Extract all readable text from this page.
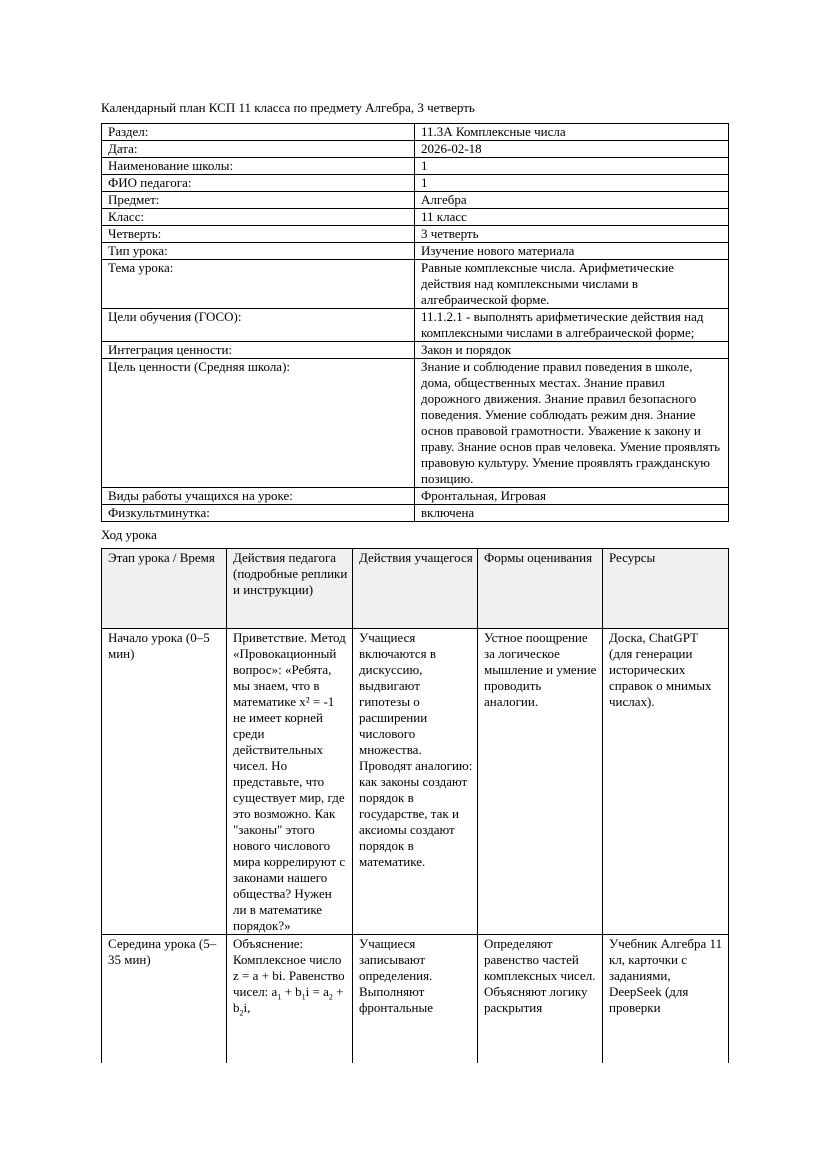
Календарный план КСП 11 класса по предмету Алгебра, 3 четверть
Раздел:	11.3А Комплексные числа
Дата:	2026-02-18
Наименование школы:	1
ФИО педагога:	1
Предмет:	Алгебра
Класс:	11 класс
Четверть:	3 четверть
Тип урока:	Изучение нового материала
Тема урока:	Равные комплексные числа. Арифметические действия над комплексными числами в алгебраической форме.
Цели обучения (ГОСО):	11.1.2.1 - выполнять арифметические действия над комплексными числами в алгебраической форме;
Интеграция ценности:	Закон и порядок
Цель ценности (Средняя школа):	Знание и соблюдение правил поведения в школе, дома, общественных местах. Знание правил дорожного движения. Знание правил безопасного поведения. Умение соблюдать режим дня. Знание основ правовой грамотности. Уважение к закону и праву. Знание основ прав человека. Умение проявлять правовую культуру. Умение проявлять гражданскую позицию.
Виды работы учащихся на уроке:	Фронтальная, Игровая
Физкультминутка:	включена
Ход урока
Этап урока / Время	Действия педагога (подробные реплики и инструкции)	Действия учащегося	Формы оценивания	Ресурсы
Начало урока (0–5 мин)	Приветствие. Метод «Провокационный вопрос»: «Ребята, мы знаем, что в математике x² = -1 не имеет корней среди действительных чисел. Но представьте, что существует мир, где это возможно. Как "законы" этого нового числового мира коррелируют с законами нашего общества? Нужен ли в математике порядок?»	Учащиеся включаются в дискуссию, выдвигают гипотезы о расширении числового множества. Проводят аналогию: как законы создают порядок в государстве, так и аксиомы создают порядок в математике.	Устное поощрение за логическое мышление и умение проводить аналогии.	Доска, ChatGPT (для генерации исторических справок о мнимых числах).
Середина урока (5–35 мин)	Объяснение: Комплексное число z = a + bi. Равенство чисел: $a_1 + b_1i = a_2 + b_2i$,	Учащиеся записывают определения. Выполняют фронтальные	Определяют равенство частей комплексных чисел. Объясняют логику раскрытия	Учебник Алгебра 11 кл, карточки с заданиями, DeepSeek (для проверки
